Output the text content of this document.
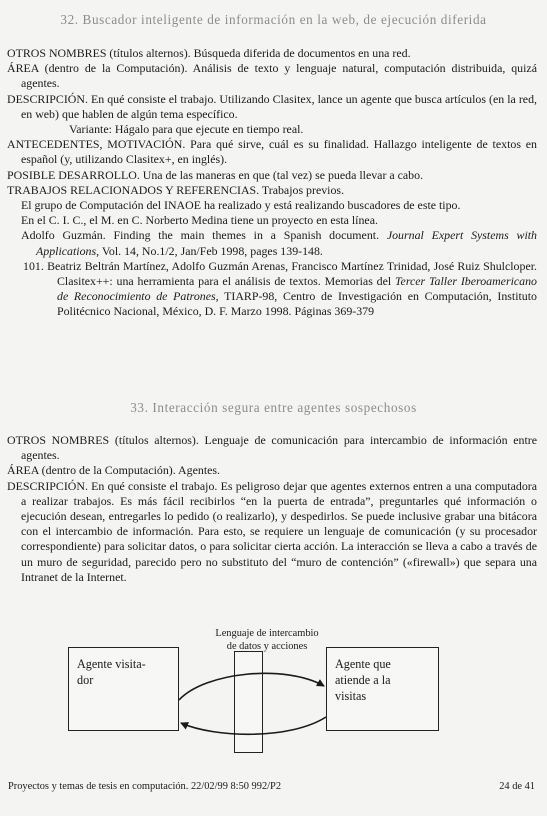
32. Buscador inteligente de información en la web, de ejecución diferida

OTROS NOMBRES (títulos alternos). Búsqueda diferida de documentos en una red.

ÁREA (dentro de la Computación). Análisis de texto y lenguaje natural, computación distribuida, quizá agentes.

DESCRIPCIÓN. En qué consiste el trabajo. Utilizando Clasitex, lance un agente que busca artículos (en la red, en web) que hablen de algún tema específico.

Variante: Hágalo para que ejecute en tiempo real.

ANTECEDENTES, MOTIVACIÓN. Para qué sirve, cuál es su finalidad. Hallazgo inteligente de textos en español (y, utilizando Clasitex+, en inglés).

POSIBLE DESARROLLO. Una de las maneras en que (tal vez) se pueda llevar a cabo.

TRABAJOS RELACIONADOS Y REFERENCIAS. Trabajos previos.

El grupo de Computación del INAOE ha realizado y está realizando buscadores de este tipo.

En el C. I. C., el M. en C. Norberto Medina tiene un proyecto en esta línea.

Adolfo Guzmán. Finding the main themes in a Spanish document. Journal Expert Systems with Applications, Vol. 14, No.1/2, Jan/Feb 1998, pages 139-148.

101. Beatriz Beltrán Martínez, Adolfo Guzmán Arenas, Francisco Martínez Trinidad, José Ruiz Shulcloper. Clasitex++: una herramienta para el análisis de textos. Memorias del Tercer Taller Iberoamericano de Reconocimiento de Patrones, TIARP-98, Centro de Investigación en Computación, Instituto Politécnico Nacional, México, D. F. Marzo 1998. Páginas 369-379

33. Interacción segura entre agentes sospechosos

OTROS NOMBRES (títulos alternos). Lenguaje de comunicación para intercambio de información entre agentes.

ÁREA (dentro de la Computación). Agentes.

DESCRIPCIÓN. En qué consiste el trabajo. Es peligroso dejar que agentes externos entren a una computadora a realizar trabajos. Es más fácil recibirlos “en la puerta de entrada”, preguntarles qué información o ejecución desean, entregarles lo pedido (o realizarlo), y despedirlos. Se puede inclusive grabar una bitácora con el intercambio de información. Para esto, se requiere un lenguaje de comunicación (y su procesador correspondiente) para solicitar datos, o para solicitar cierta acción. La interacción se lleva a cabo a través de un muro de seguridad, parecido pero no substituto del “muro de contención” («firewall») que separa una Intranet de la Internet.

Lenguaje de intercambio
de datos y acciones
Agente visita-
dor
Agente que
atiende a la
visitas
Proyectos y temas de tesis en computación. 22/02/99 8:50 992/P2	24 de 41
